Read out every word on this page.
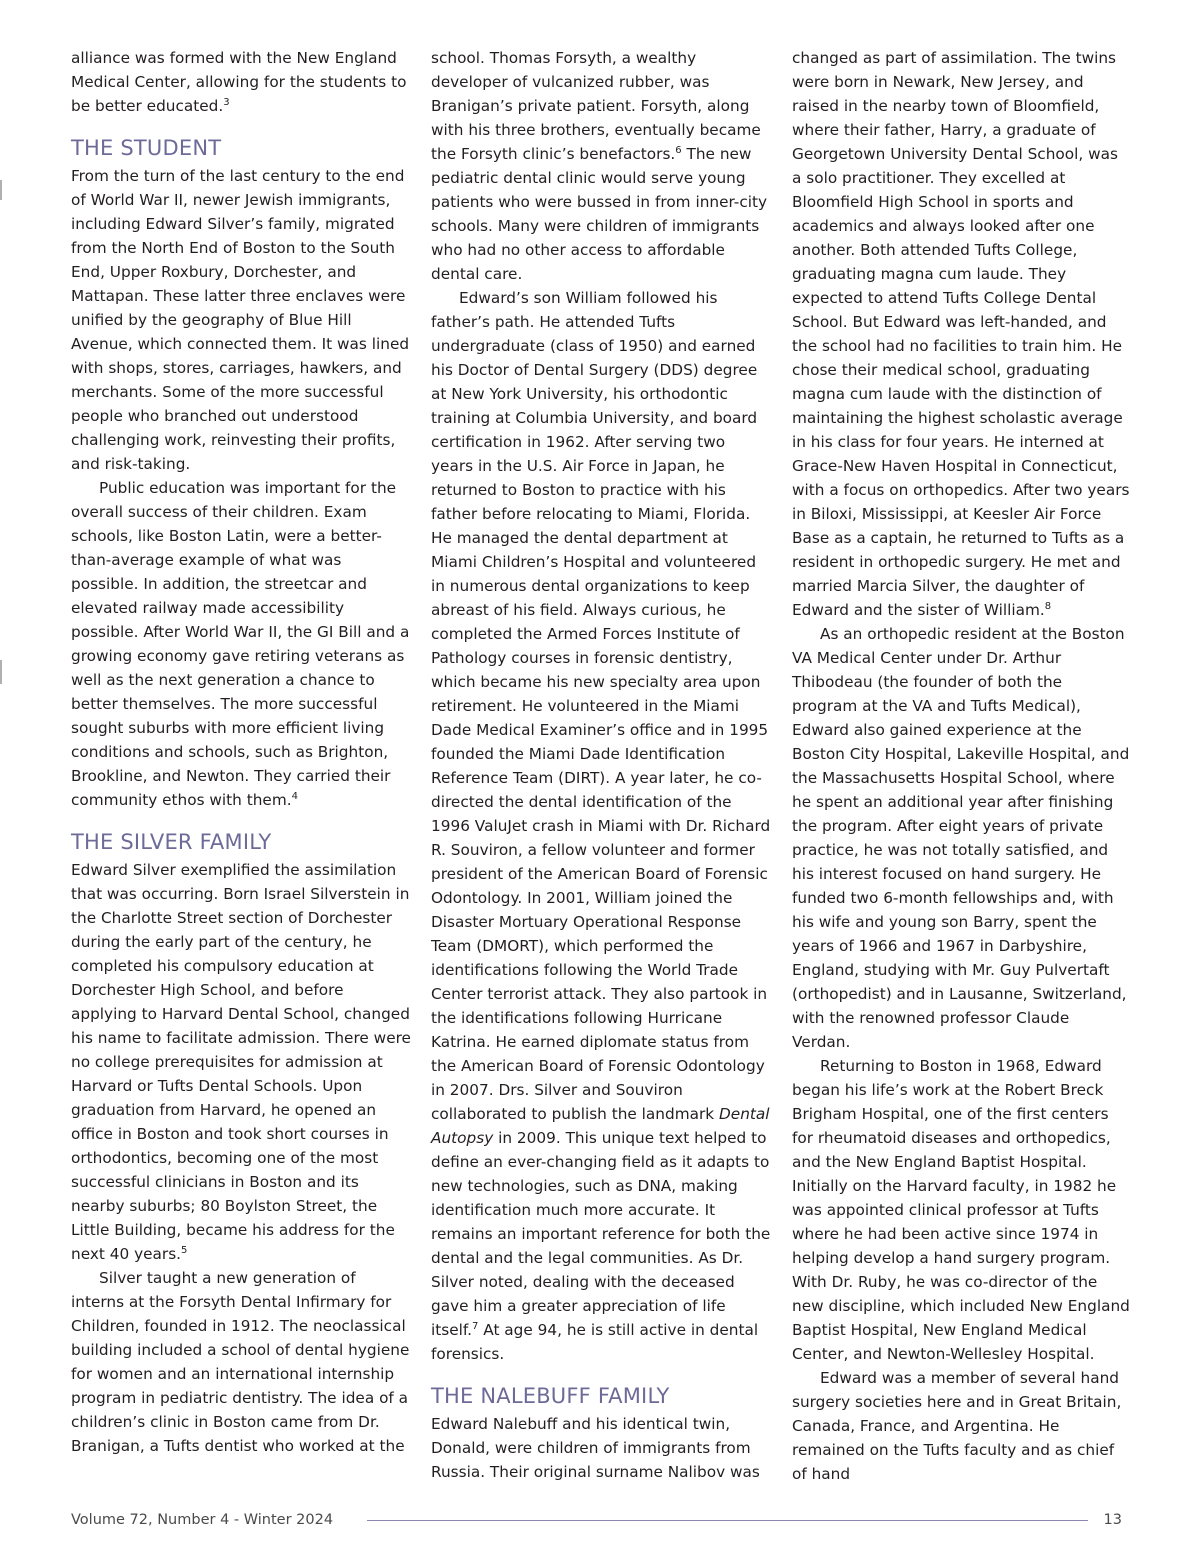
alliance was formed with the New England Medical Center, allowing for the students to be better educated.$^3$

THE STUDENT

From the turn of the last century to the end of World War II, newer Jewish immigrants, including Edward Silver’s family, migrated from the North End of Boston to the South End, Upper Roxbury, Dorchester, and Mattapan. These latter three enclaves were unified by the geography of Blue Hill Avenue, which connected them. It was lined with shops, stores, carriages, hawkers, and merchants. Some of the more successful people who branched out understood challenging work, reinvesting their profits, and risk-taking.

Public education was important for the overall success of their children. Exam schools, like Boston Latin, were a better-than-average example of what was possible. In addition, the streetcar and elevated railway made accessibility possible. After World War II, the GI Bill and a growing economy gave retiring veterans as well as the next generation a chance to better themselves. The more successful sought suburbs with more efficient living conditions and schools, such as Brighton, Brookline, and Newton. They carried their community ethos with them.$^4$

THE SILVER FAMILY

Edward Silver exemplified the assimilation that was occurring. Born Israel Silverstein in the Charlotte Street section of Dorchester during the early part of the century, he completed his compulsory education at Dorchester High School, and before applying to Harvard Dental School, changed his name to facilitate admission. There were no college prerequisites for admission at Harvard or Tufts Dental Schools. Upon graduation from Harvard, he opened an office in Boston and took short courses in orthodontics, becoming one of the most successful clinicians in Boston and its nearby suburbs; 80 Boylston Street, the Little Building, became his address for the next 40 years.$^5$

Silver taught a new generation of interns at the Forsyth Dental Infirmary for Children, founded in 1912. The neoclassical building included a school of dental hygiene for women and an international internship program in pediatric dentistry. The idea of a children’s clinic in Boston came from Dr. Branigan, a Tufts dentist who worked at the

school. Thomas Forsyth, a wealthy developer of vulcanized rubber, was Branigan’s private patient. Forsyth, along with his three brothers, eventually became the Forsyth clinic’s benefactors.$^6$ The new pediatric dental clinic would serve young patients who were bussed in from inner-city schools. Many were children of immigrants who had no other access to affordable dental care.

Edward’s son William followed his father’s path. He attended Tufts undergraduate (class of 1950) and earned his Doctor of Dental Surgery (DDS) degree at New York University, his orthodontic training at Columbia University, and board certification in 1962. After serving two years in the U.S. Air Force in Japan, he returned to Boston to practice with his father before relocating to Miami, Florida. He managed the dental department at Miami Children’s Hospital and volunteered in numerous dental organizations to keep abreast of his field. Always curious, he completed the Armed Forces Institute of Pathology courses in forensic dentistry, which became his new specialty area upon retirement. He volunteered in the Miami Dade Medical Examiner’s office and in 1995 founded the Miami Dade Identification Reference Team (DIRT). A year later, he co-directed the dental identification of the 1996 ValuJet crash in Miami with Dr. Richard R. Souviron, a fellow volunteer and former president of the American Board of Forensic Odontology. In 2001, William joined the Disaster Mortuary Operational Response Team (DMORT), which performed the identifications following the World Trade Center terrorist attack. They also partook in the identifications following Hurricane Katrina. He earned diplomate status from the American Board of Forensic Odontology in 2007. Drs. Silver and Souviron collaborated to publish the landmark Dental Autopsy in 2009. This unique text helped to define an ever-changing field as it adapts to new technologies, such as DNA, making identification much more accurate. It remains an important reference for both the dental and the legal communities. As Dr. Silver noted, dealing with the deceased gave him a greater appreciation of life itself.$^7$ At age 94, he is still active in dental forensics.

THE NALEBUFF FAMILY

Edward Nalebuff and his identical twin, Donald, were children of immigrants from Russia. Their original surname Nalibov was

changed as part of assimilation. The twins were born in Newark, New Jersey, and raised in the nearby town of Bloomfield, where their father, Harry, a graduate of Georgetown University Dental School, was a solo practitioner. They excelled at Bloomfield High School in sports and academics and always looked after one another. Both attended Tufts College, graduating magna cum laude. They expected to attend Tufts College Dental School. But Edward was left-handed, and the school had no facilities to train him. He chose their medical school, graduating magna cum laude with the distinction of maintaining the highest scholastic average in his class for four years. He interned at Grace-New Haven Hospital in Connecticut, with a focus on orthopedics. After two years in Biloxi, Mississippi, at Keesler Air Force Base as a captain, he returned to Tufts as a resident in orthopedic surgery. He met and married Marcia Silver, the daughter of Edward and the sister of William.$^8$

As an orthopedic resident at the Boston VA Medical Center under Dr. Arthur Thibodeau (the founder of both the program at the VA and Tufts Medical), Edward also gained experience at the Boston City Hospital, Lakeville Hospital, and the Massachusetts Hospital School, where he spent an additional year after finishing the program. After eight years of private practice, he was not totally satisfied, and his interest focused on hand surgery. He funded two 6-month fellowships and, with his wife and young son Barry, spent the years of 1966 and 1967 in Darbyshire, England, studying with Mr. Guy Pulvertaft (orthopedist) and in Lausanne, Switzerland, with the renowned professor Claude Verdan.

Returning to Boston in 1968, Edward began his life’s work at the Robert Breck Brigham Hospital, one of the first centers for rheumatoid diseases and orthopedics, and the New England Baptist Hospital. Initially on the Harvard faculty, in 1982 he was appointed clinical professor at Tufts where he had been active since 1974 in helping develop a hand surgery program. With Dr. Ruby, he was co-director of the new discipline, which included New England Baptist Hospital, New England Medical Center, and Newton-Wellesley Hospital.

Edward was a member of several hand surgery societies here and in Great Britain, Canada, France, and Argentina. He remained on the Tufts faculty and as chief of hand

Volume 72, Number 4 - Winter 2024	13
